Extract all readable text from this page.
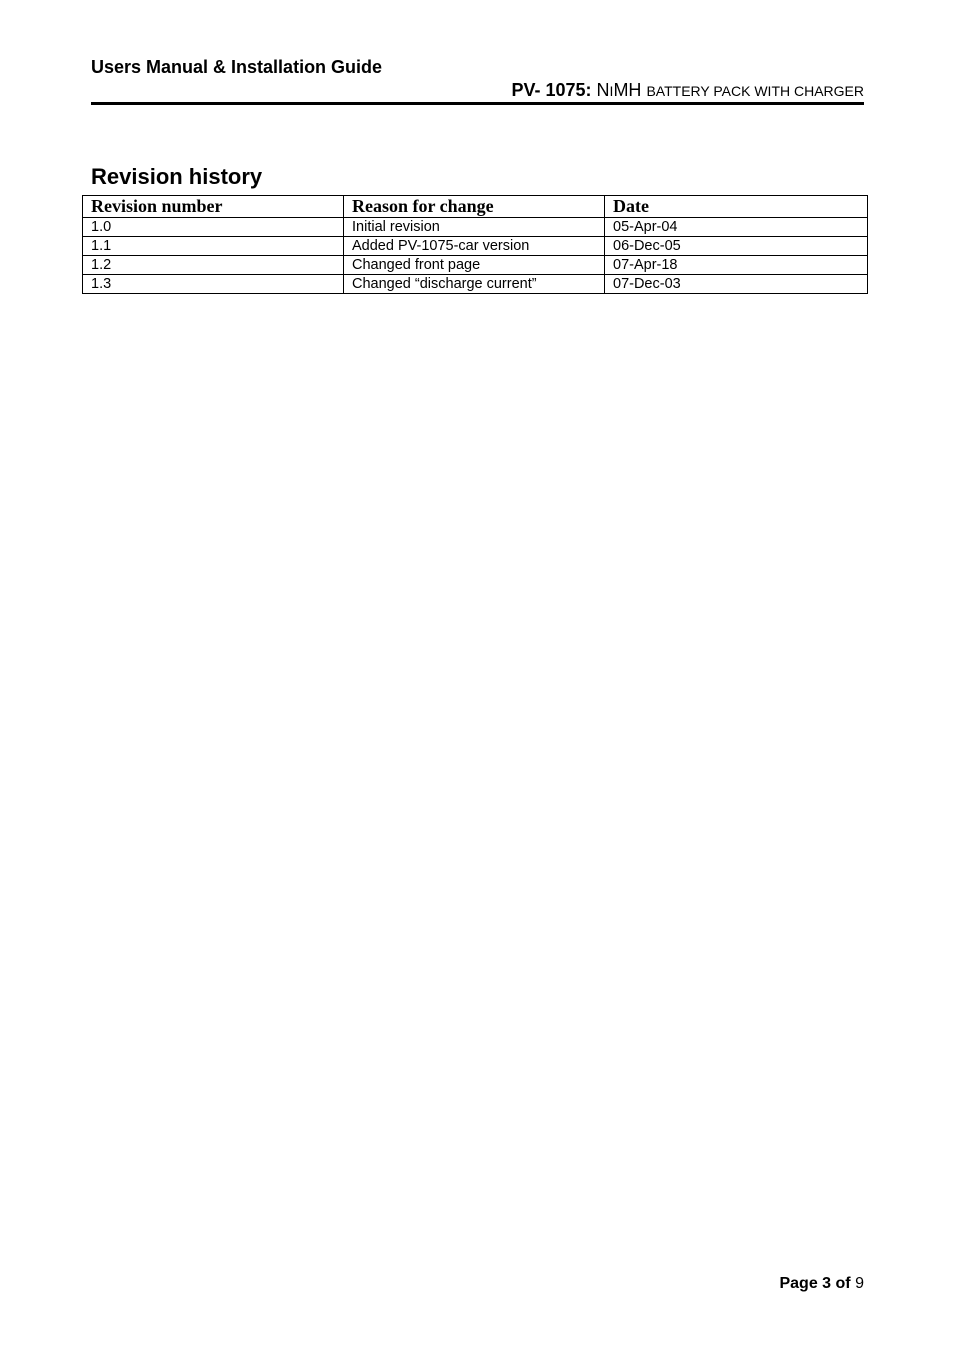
Users Manual & Installation Guide
PV- 1075: NIMH BATTERY PACK WITH CHARGER
Revision history
Revision number	Reason for change	Date
1.0	Initial revision	05-Apr-04
1.1	Added PV-1075-car version	06-Dec-05
1.2	Changed front page	07-Apr-18
1.3	Changed “discharge current”	07-Dec-03
Page 3 of 9
